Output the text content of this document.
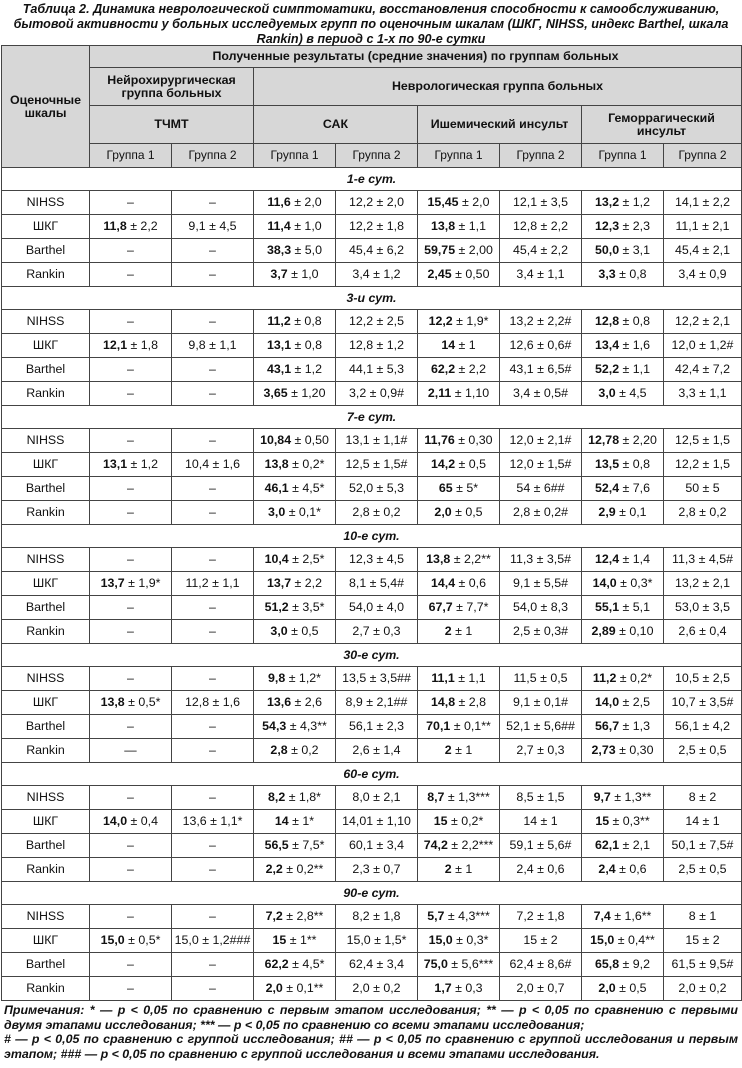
Таблица 2. Динамика неврологической симптоматики, восстановления способности к самообслуживанию, бытовой активности у больных исследуемых групп по оценочным шкалам (ШКГ, NIHSS, индекс Barthel, шкала Rankin) в период с 1-х по 90-е сутки
Оценочные шкалы	Полученные результаты (средние значения) по группам больных							
	Нейрохирургическая группа больных		Неврологическая группа больных					
	ТЧМТ		САК		Ишемический инсульт		Геморрагический инсульт	
	Группа 1	Группа 2	Группа 1	Группа 2	Группа 1	Группа 2	Группа 1	Группа 2
1-е сут.								
NIHSS	–	–	11,6 ± 2,0	12,2 ± 2,0	15,45 ± 2,0	12,1 ± 3,5	13,2 ± 1,2	14,1 ± 2,2
ШКГ	11,8 ± 2,2	9,1 ± 4,5	11,4 ± 1,0	12,2 ± 1,8	13,8 ± 1,1	12,8 ± 2,2	12,3 ± 2,3	11,1 ± 2,1
Barthel	–	–	38,3 ± 5,0	45,4 ± 6,2	59,75 ± 2,00	45,4 ± 2,2	50,0 ± 3,1	45,4 ± 2,1
Rankin	–	–	3,7 ± 1,0	3,4 ± 1,2	2,45 ± 0,50	3,4 ± 1,1	3,3 ± 0,8	3,4 ± 0,9
3-и сут.								
NIHSS	–	–	11,2 ± 0,8	12,2 ± 2,5	12,2 ± 1,9*	13,2 ± 2,2#	12,8 ± 0,8	12,2 ± 2,1
ШКГ	12,1 ± 1,8	9,8 ± 1,1	13,1 ± 0,8	12,8 ± 1,2	14 ± 1	12,6 ± 0,6#	13,4 ± 1,6	12,0 ± 1,2#
Barthel	–	–	43,1 ± 1,2	44,1 ± 5,3	62,2 ± 2,2	43,1 ± 6,5#	52,2 ± 1,1	42,4 ± 7,2
Rankin	–	–	3,65 ± 1,20	3,2 ± 0,9#	2,11 ± 1,10	3,4 ± 0,5#	3,0 ± 4,5	3,3 ± 1,1
7-е сут.								
NIHSS	–	–	10,84 ± 0,50	13,1 ± 1,1#	11,76 ± 0,30	12,0 ± 2,1#	12,78 ± 2,20	12,5 ± 1,5
ШКГ	13,1 ± 1,2	10,4 ± 1,6	13,8 ± 0,2*	12,5 ± 1,5#	14,2 ± 0,5	12,0 ± 1,5#	13,5 ± 0,8	12,2 ± 1,5
Barthel	–	–	46,1 ± 4,5*	52,0 ± 5,3	65 ± 5*	54 ± 6##	52,4 ± 7,6	50 ± 5
Rankin	–	–	3,0 ± 0,1*	2,8 ± 0,2	2,0 ± 0,5	2,8 ± 0,2#	2,9 ± 0,1	2,8 ± 0,2
10-е сут.								
NIHSS	–	–	10,4 ± 2,5*	12,3 ± 4,5	13,8 ± 2,2**	11,3 ± 3,5#	12,4 ± 1,4	11,3 ± 4,5#
ШКГ	13,7 ± 1,9*	11,2 ± 1,1	13,7 ± 2,2	8,1 ± 5,4#	14,4 ± 0,6	9,1 ± 5,5#	14,0 ± 0,3*	13,2 ± 2,1
Barthel	–	–	51,2 ± 3,5*	54,0 ± 4,0	67,7 ± 7,7*	54,0 ± 8,3	55,1 ± 5,1	53,0 ± 3,5
Rankin	–	–	3,0 ± 0,5	2,7 ± 0,3	2 ± 1	2,5 ± 0,3#	2,89 ± 0,10	2,6 ± 0,4
30-е сут.								
NIHSS	–	–	9,8 ± 1,2*	13,5 ± 3,5##	11,1 ± 1,1	11,5 ± 0,5	11,2 ± 0,2*	10,5 ± 2,5
ШКГ	13,8 ± 0,5*	12,8 ± 1,6	13,6 ± 2,6	8,9 ± 2,1##	14,8 ± 2,8	9,1 ± 0,1#	14,0 ± 2,5	10,7 ± 3,5#
Barthel	–	–	54,3 ± 4,3**	56,1 ± 2,3	70,1 ± 0,1**	52,1 ± 5,6##	56,7 ± 1,3	56,1 ± 4,2
Rankin	—	–	2,8 ± 0,2	2,6 ± 1,4	2 ± 1	2,7 ± 0,3	2,73 ± 0,30	2,5 ± 0,5
60-е сут.								
NIHSS	–	–	8,2 ± 1,8*	8,0 ± 2,1	8,7 ± 1,3***	8,5 ± 1,5	9,7 ± 1,3**	8 ± 2
ШКГ	14,0 ± 0,4	13,6 ± 1,1*	14 ± 1*	14,01 ± 1,10	15 ± 0,2*	14 ± 1	15 ± 0,3**	14 ± 1
Barthel	–	–	56,5 ± 7,5*	60,1 ± 3,4	74,2 ± 2,2***	59,1 ± 5,6#	62,1 ± 2,1	50,1 ± 7,5#
Rankin	–	–	2,2 ± 0,2**	2,3 ± 0,7	2 ± 1	2,4 ± 0,6	2,4 ± 0,6	2,5 ± 0,5
90-е сут.								
NIHSS	–	–	7,2 ± 2,8**	8,2 ± 1,8	5,7 ± 4,3***	7,2 ± 1,8	7,4 ± 1,6**	8 ± 1
ШКГ	15,0 ± 0,5*	15,0 ± 1,2###	15 ± 1**	15,0 ± 1,5*	15,0 ± 0,3*	15 ± 2	15,0 ± 0,4**	15 ± 2
Barthel	–	–	62,2 ± 4,5*	62,4 ± 3,4	75,0 ± 5,6***	62,4 ± 8,6#	65,8 ± 9,2	61,5 ± 9,5#
Rankin	–	–	2,0 ± 0,1**	2,0 ± 0,2	1,7 ± 0,3	2,0 ± 0,7	2,0 ± 0,5	2,0 ± 0,2
Примечания: * — p < 0,05 по сравнению с первым этапом исследования; ** — p < 0,05 по сравнению с первыми двумя этапами исследования; *** — p < 0,05 по сравнению со всеми этапами исследования;
# — p < 0,05 по сравнению с группой исследования; ## — p < 0,05 по сравнению с группой исследования и первым этапом; ### — p < 0,05 по сравнению с группой исследования и всеми этапами исследования.
